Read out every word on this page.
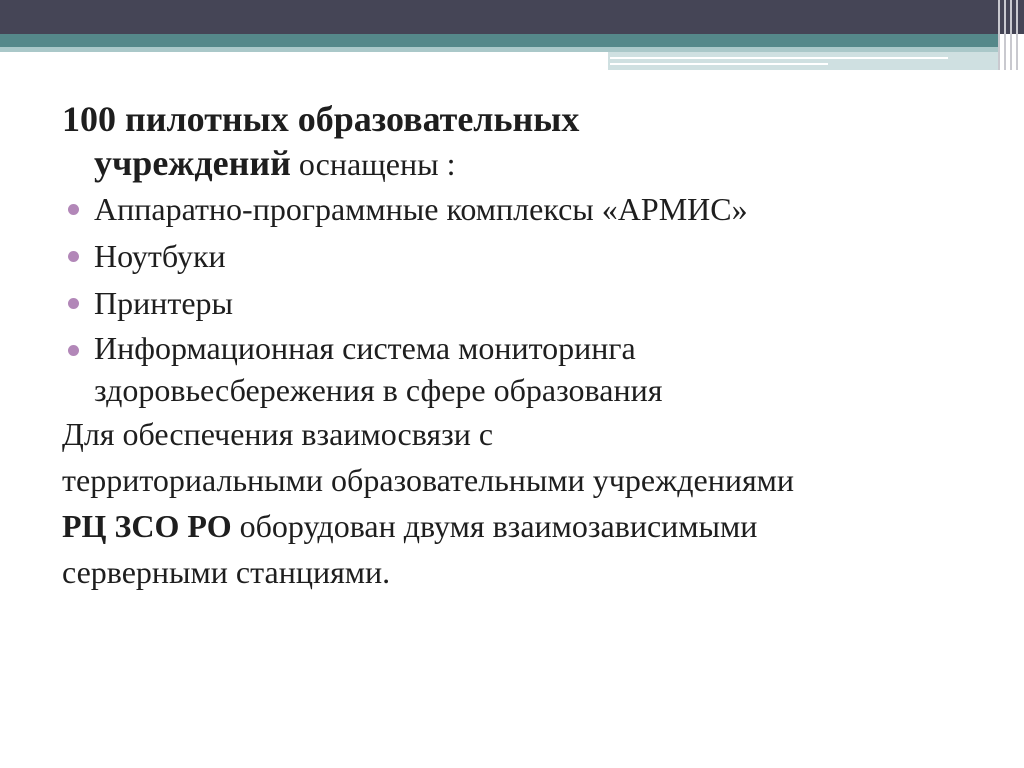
100 пилотных образовательных
учреждений оснащены :
Аппаратно-программные комплексы «АРМИС»
Ноутбуки
Принтеры
Информационная система мониторинга
здоровьесбережения в сфере образования
Для обеспечения взаимосвязи с
территориальными образовательными учреждениями
РЦ ЗСО РО оборудован двумя взаимозависимыми
серверными станциями.
